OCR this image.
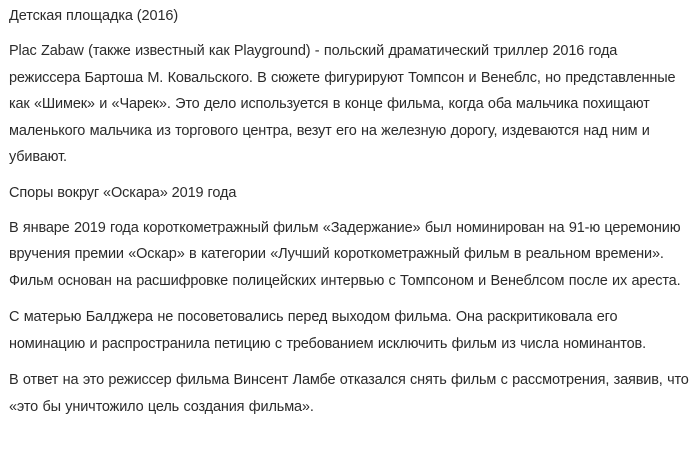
Детская площадка (2016)

Plac Zabaw (также известный как Playground) - польский драматический триллер 2016 года режиссера Бартоша М. Ковальского. В сюжете фигурируют Томпсон и Венеблс, но представленные как «Шимек» и «Чарек». Это дело используется в конце фильма, когда оба мальчика похищают маленького мальчика из торгового центра, везут его на железную дорогу, издеваются над ним и убивают.

Споры вокруг «Оскара» 2019 года

В январе 2019 года короткометражный фильм «Задержание» был номинирован на 91-ю церемонию вручения премии «Оскар» в категории «Лучший короткометражный фильм в реальном времени». Фильм основан на расшифровке полицейских интервью с Томпсоном и Венеблсом после их ареста.

С матерью Балджера не посоветовались перед выходом фильма. Она раскритиковала его номинацию и распространила петицию с требованием исключить фильм из числа номинантов.

В ответ на это режиссер фильма Винсент Ламбе отказался снять фильм с рассмотрения, заявив, что «это бы уничтожило цель создания фильма».
